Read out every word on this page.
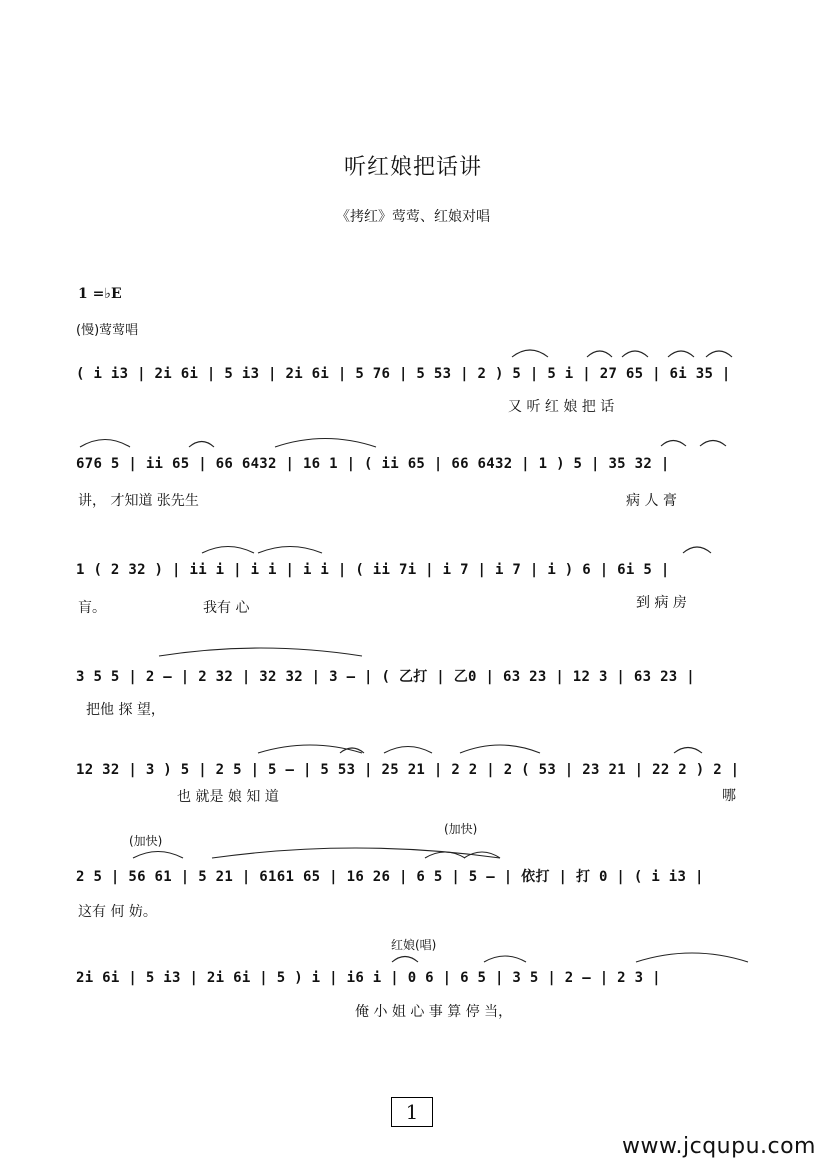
听红娘把话讲
《拷红》莺莺、红娘对唱
1 =♭E
(慢)莺莺唱
( i i3 | 2i 6i | 5 i3 | 2i 6i | 5 76 | 5 53 | 2 ) 5 | 5 i | 27 65 | 6i 35 |
又 听 红 娘 把 话
676 5 | ii 65 | 66 6432 | 16 1 | ( ii 65 | 66 6432 | 1 ) 5 | 35 32 |
讲， 才知道 张先生	病 人 膏
1 ( 2 32 ) | ii i | i i | i i | ( ii 7i | i 7 | i 7 | i ) 6 | 6i 5 |
肓。	我有 心	到 病 房
3 5 5 | 2 — | 2 32 | 32 32 | 3 — | ( 乙打 | 乙0 | 63 23 | 12 3 | 63 23 |
把他 探 望，
12 32 | 3 ) 5 | 2 5 | 5 — | 5 53 | 25 21 | 2 2 | 2 ( 53 | 23 21 | 22 2 ) 2 |
也 就是 娘 知 道	哪
(加快)
(加快)
2 5 | 56 61 | 5 21 | 6161 65 | 16 26 | 6 5 | 5 — | 依打 | 打 0 | ( i i3 |
这有 何 妨。
红娘(唱)
2i 6i | 5 i3 | 2i 6i | 5 ) i | i6 i | 0 6 | 6 5 | 3 5 | 2 — | 2 3 |
俺 小 姐 心 事 算 停 当，
1
www.jcqupu.com
